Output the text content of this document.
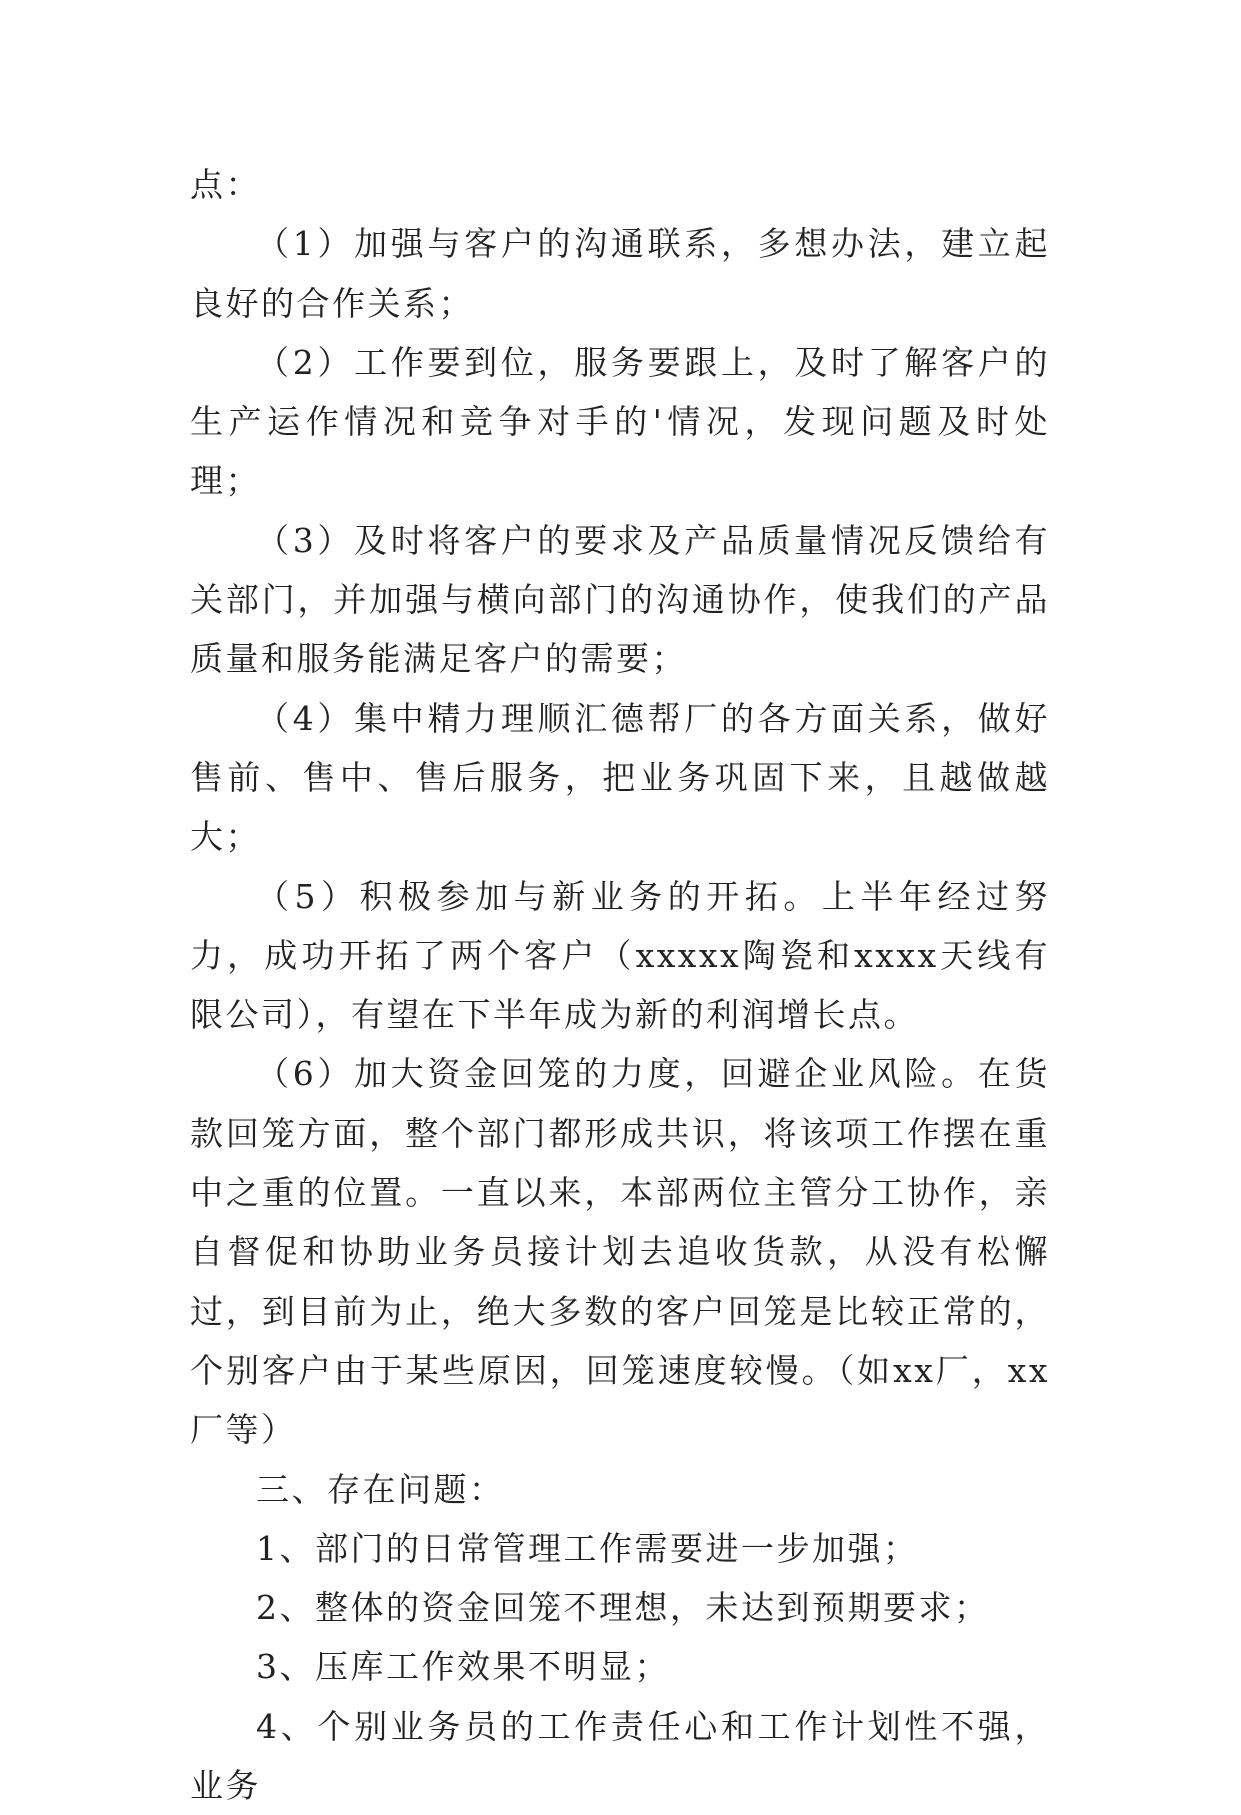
点：

（1）加强与客户的沟通联系，多想办法，建立起良好的合作关系；

（2）工作要到位，服务要跟上，及时了解客户的生产运作情况和竞争对手的'情况，发现问题及时处理；

（3）及时将客户的要求及产品质量情况反馈给有关部门，并加强与横向部门的沟通协作，使我们的产品质量和服务能满足客户的需要；

（4）集中精力理顺汇德帮厂的各方面关系，做好售前、售中、售后服务，把业务巩固下来，且越做越大；

（5）积极参加与新业务的开拓。上半年经过努力，成功开拓了两个客户（xxxxx陶瓷和xxxx天线有限公司），有望在下半年成为新的利润增长点。

（6）加大资金回笼的力度，回避企业风险。在货款回笼方面，整个部门都形成共识，将该项工作摆在重中之重的位置。一直以来，本部两位主管分工协作，亲自督促和协助业务员接计划去追收货款，从没有松懈过，到目前为止，绝大多数的客户回笼是比较正常的，个别客户由于某些原因，回笼速度较慢。（如xx厂，xx厂等）

三、存在问题：

1、部门的日常管理工作需要进一步加强；

2、整体的资金回笼不理想，未达到预期要求；

3、压库工作效果不明显；

4、个别业务员的工作责任心和工作计划性不强，业务
